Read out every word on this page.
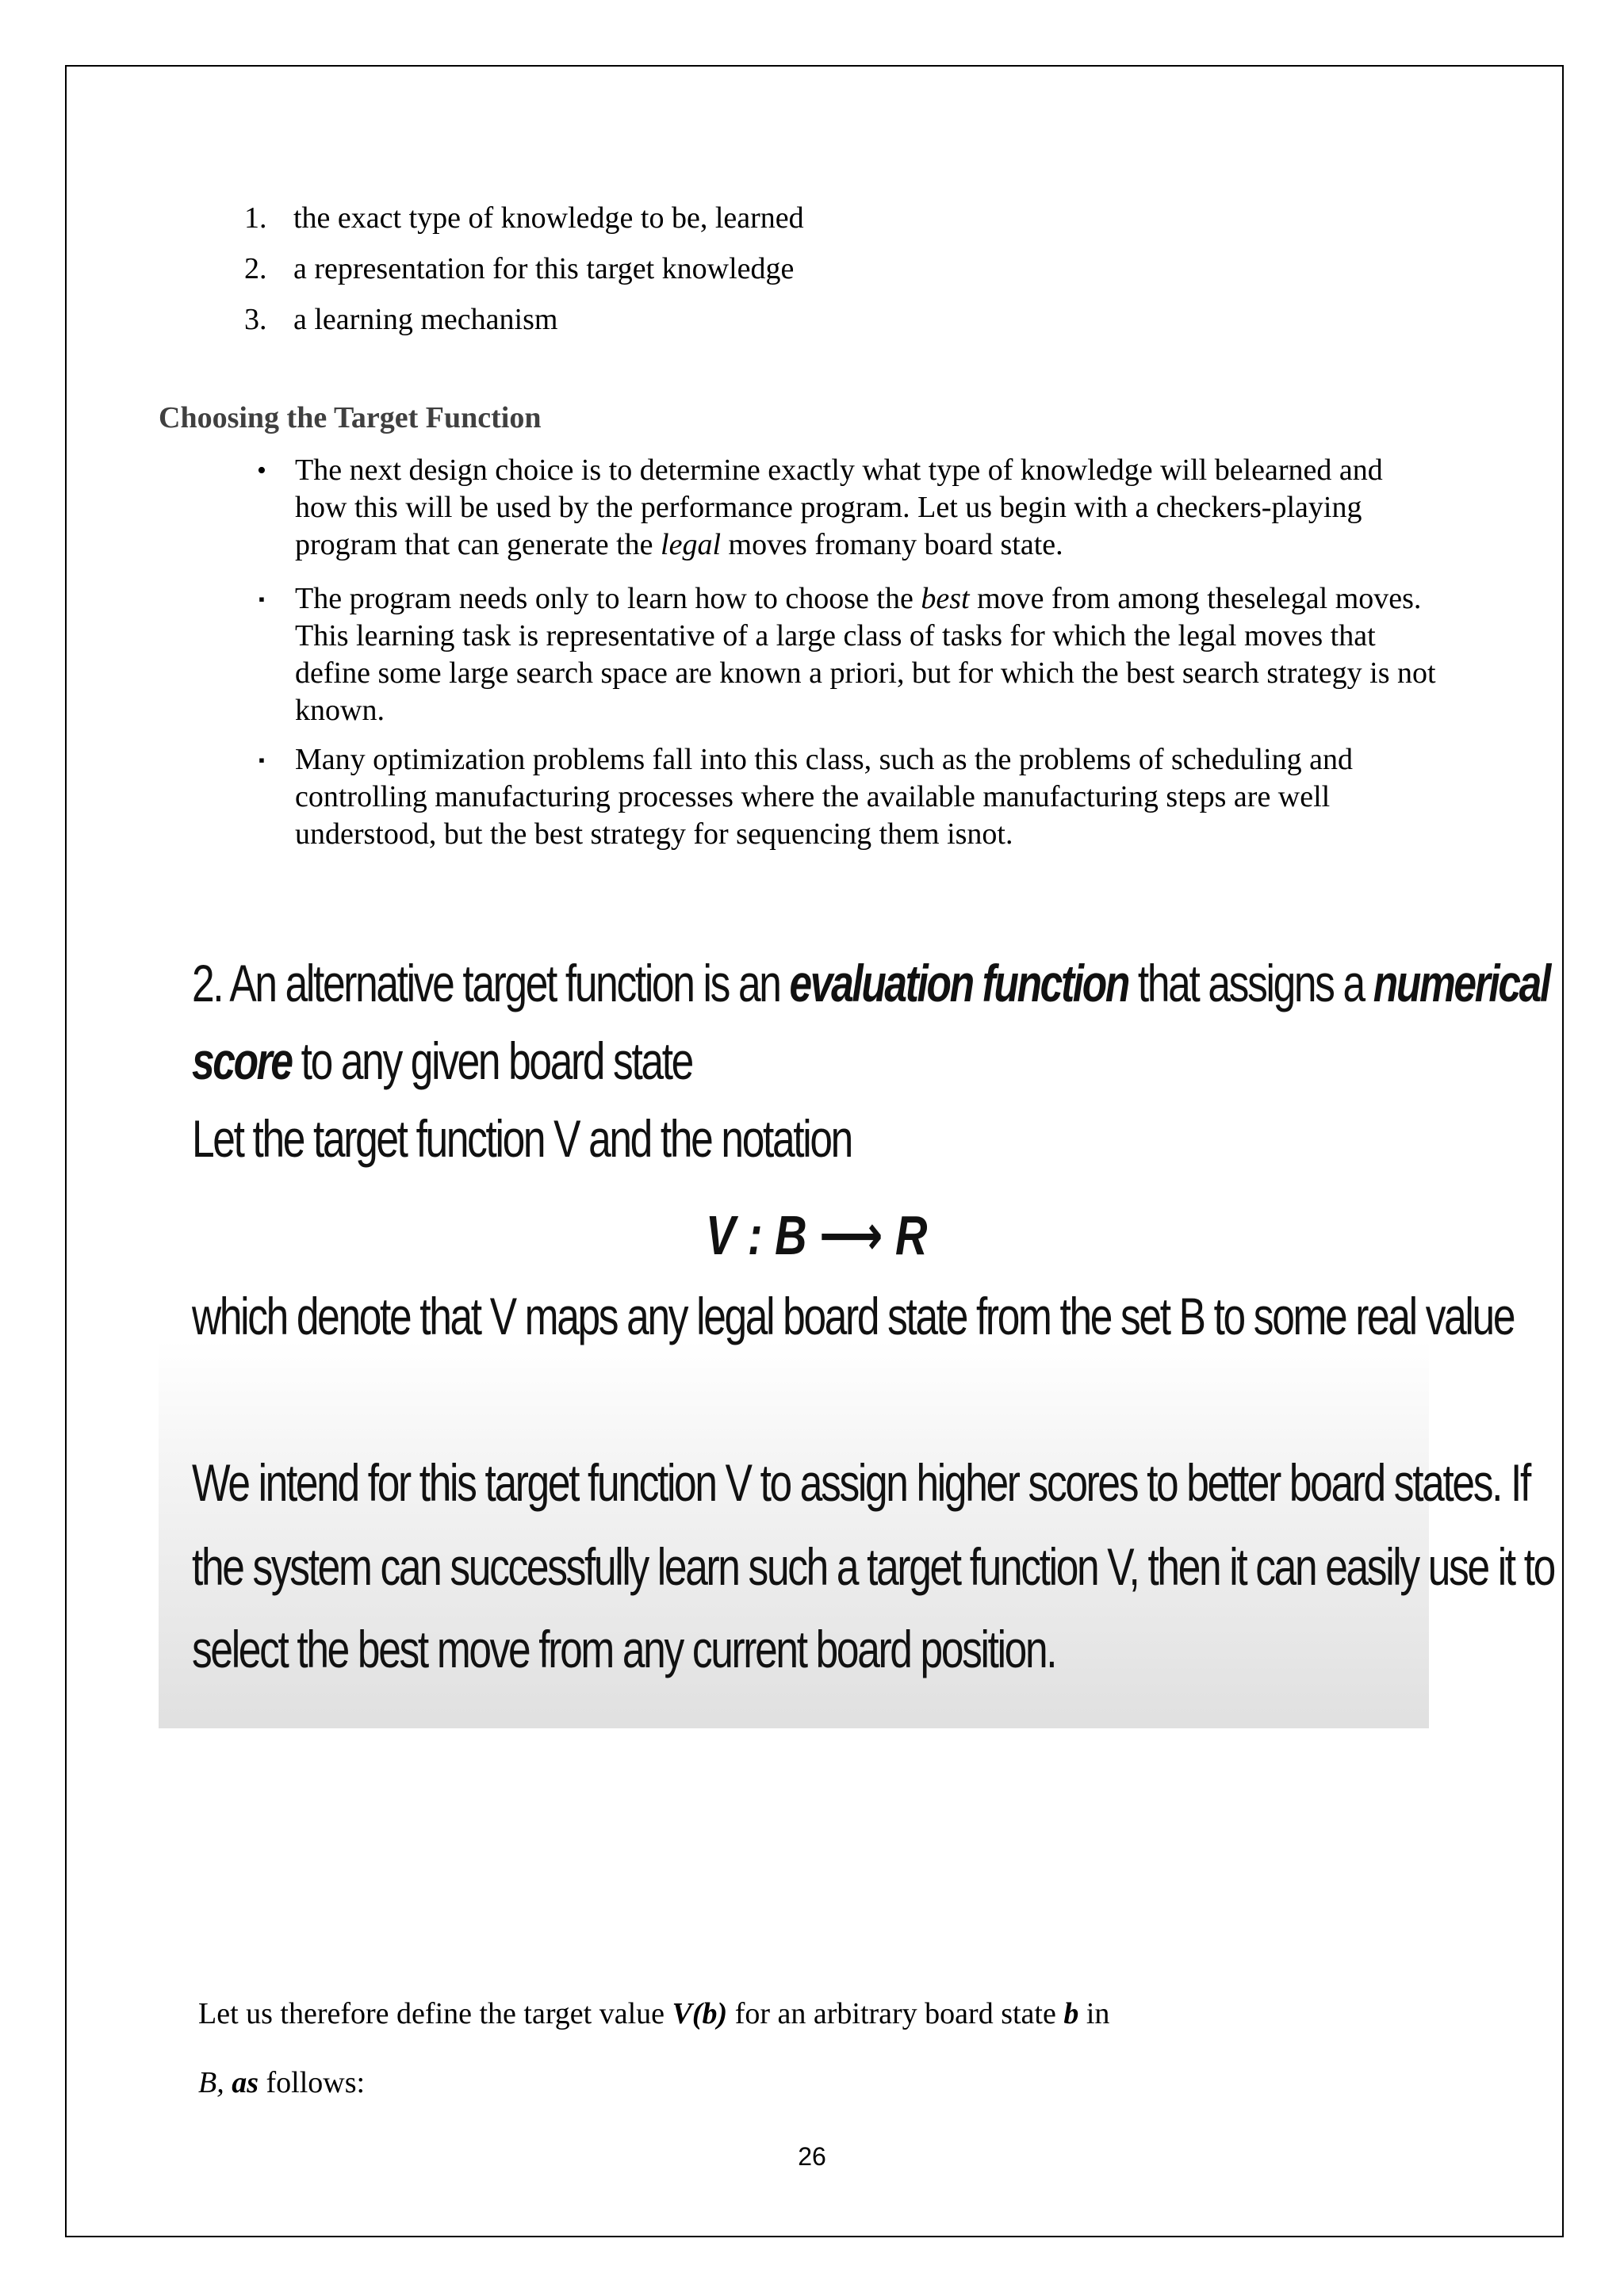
1. the exact type of knowledge to be, learned
2. a representation for this target knowledge
3. a learning mechanism
Choosing the Target Function
• The next design choice is to determine exactly what type of knowledge will belearned and how this will be used by the performance program. Let us begin with a checkers-playing program that can generate the legal moves fromany board state.
▪	The program needs only to learn how to choose the best move from among theselegal moves. This learning task is representative of a large class of tasks for which the legal moves that define some large search space are known a priori, but for which the best search strategy is not known.
▪	Many optimization problems fall into this class, such as the problems of scheduling and controlling manufacturing processes where the available manufacturing steps are well understood, but the best strategy for sequencing them isnot.
2. An alternative target function is an evaluation function that assigns a numerical
score to any given board state
Let the target function V and the notation
V : B ⟶ R
which denote that V maps any legal board state from the set B to some real value
We intend for this target function V to assign higher scores to better board states. If
the system can successfully learn such a target function V, then it can easily use it to
select the best move from any current board position.
Let us therefore define the target value V(b) for an arbitrary board state b in
B, as follows:
26
